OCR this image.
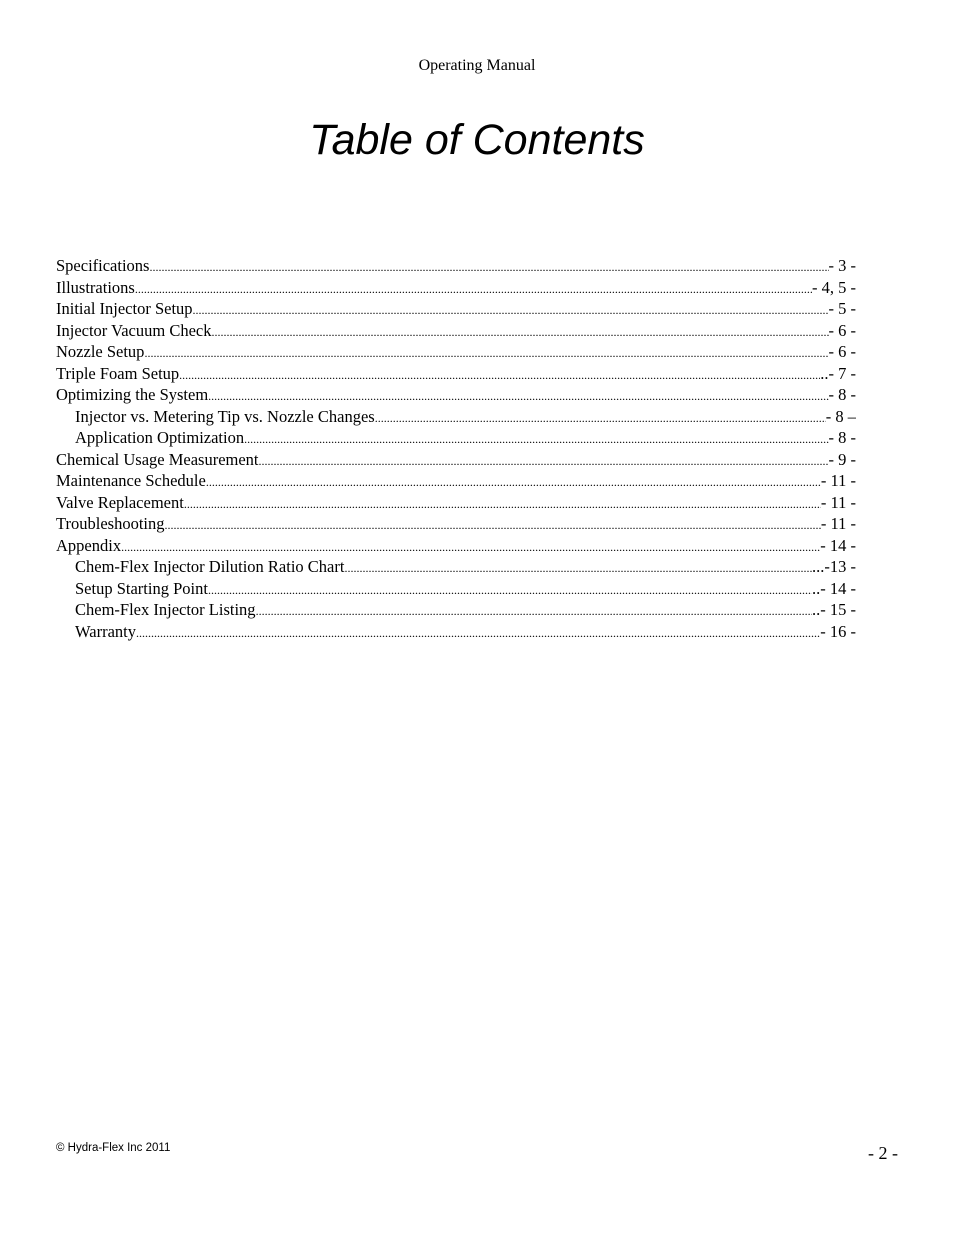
Operating Manual
Table of Contents
Specifications .....	- 3 -
Illustrations .....	- 4, 5 -
Initial Injector Setup .....	- 5 -
Injector Vacuum Check .....	- 6 -
Nozzle Setup .....	- 6 -
Triple Foam Setup .....	..- 7 -
Optimizing the System .....	- 8 -
Injector vs. Metering Tip vs. Nozzle Changes .....	- 8 –
Application Optimization .....	- 8 -
Chemical Usage Measurement .....	- 9 -
Maintenance Schedule .....	- 11 -
Valve Replacement .....	- 11 -
Troubleshooting .....	- 11 -
Appendix .....	- 14 -
Chem-Flex Injector Dilution Ratio Chart .....	...-13 -
Setup Starting Point .....	..- 14 -
Chem-Flex Injector Listing .....	..- 15 -
Warranty .....	- 16 -
© Hydra-Flex Inc 2011	- 2 -
